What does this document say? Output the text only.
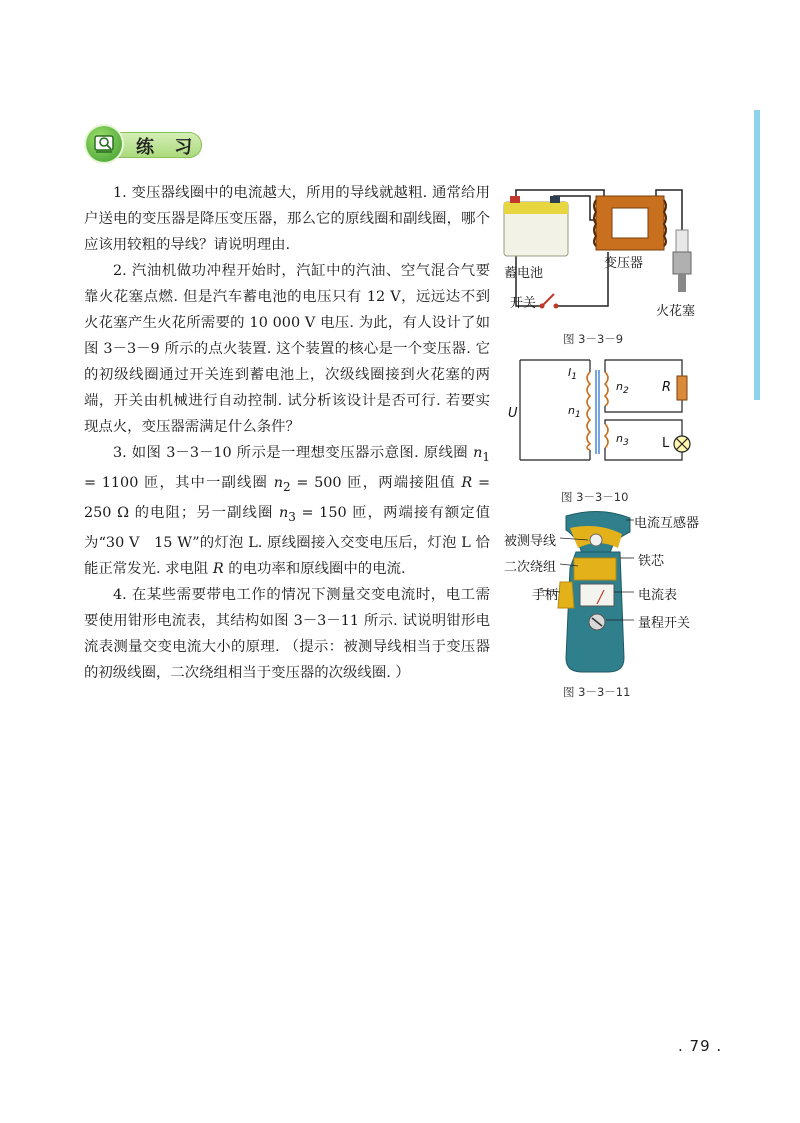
练 习

1. 变压器线圈中的电流越大，所用的导线就越粗. 通常给用户送电的变压器是降压变压器，那么它的原线圈和副线圈，哪个应该用较粗的导线？请说明理由.

2. 汽油机做功冲程开始时，汽缸中的汽油、空气混合气要靠火花塞点燃. 但是汽车蓄电池的电压只有 12 V，远远达不到火花塞产生火花所需要的 10 000 V 电压. 为此，有人设计了如图 3－3－9 所示的点火装置. 这个装置的核心是一个变压器. 它的初级线圈通过开关连到蓄电池上，次级线圈接到火花塞的两端，开关由机械进行自动控制. 试分析该设计是否可行. 若要实现点火，变压器需满足什么条件？

3. 如图 3－3－10 所示是一理想变压器示意图. 原线圈 $n_1 = 1100$ 匝，其中一副线圈 $n_2 = 500$ 匝，两端接阻值 R = 250 Ω 的电阻；另一副线圈 $n_3 = 150$ 匝，两端接有额定值为“30 V　15 W”的灯泡 L. 原线圈接入交变电压后，灯泡 L 恰能正常发光. 求电阻 R 的电功率和原线圈中的电流.

4. 在某些需要带电工作的情况下测量交变电流时，电工需要使用钳形电流表，其结构如图 3－3－11 所示. 试说明钳形电流表测量交变电流大小的原理. （提示：被测导线相当于变压器的初级线圈，二次绕组相当于变压器的次级线圈. ）

蓄电池
变压器
开关
火花塞
图 3－3－9
U
$I_1$
$n_1$
$n_2$
$n_3$
R
L
图 3－3－10
电流互感器
被测导线
铁芯
二次绕组
手柄	电流表
量程开关
图 3－3－11
. 79 .
